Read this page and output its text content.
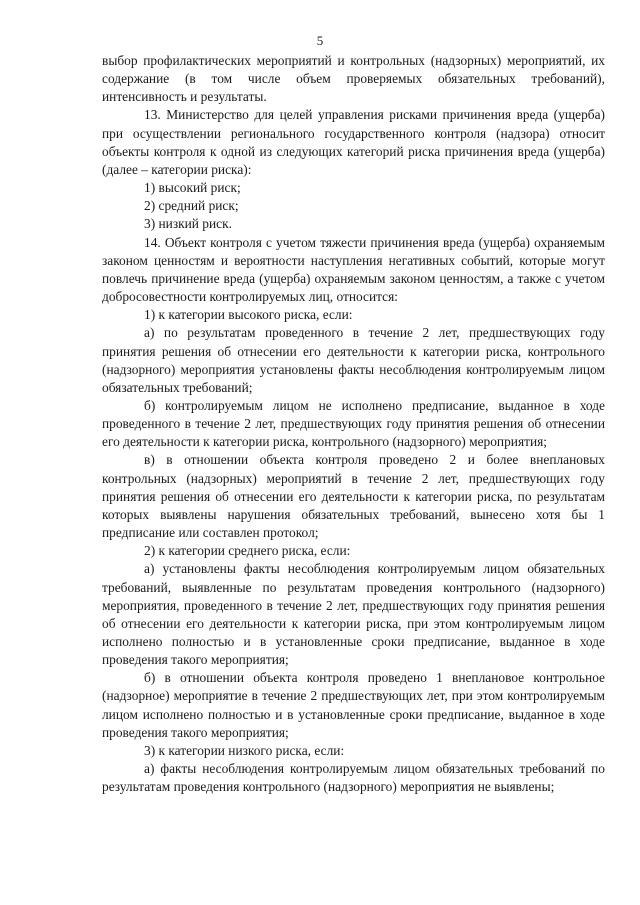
5

выбор профилактических мероприятий и контрольных (надзорных) мероприятий, их содержание (в том числе объем проверяемых обязательных требований), интенсивность и результаты.

13. Министерство для целей управления рисками причинения вреда (ущерба) при осуществлении регионального государственного контроля (надзора) относит объекты контроля к одной из следующих категорий риска причинения вреда (ущерба) (далее – категории риска):

1) высокий риск;

2) средний риск;

3) низкий риск.

14. Объект контроля с учетом тяжести причинения вреда (ущерба) охраняемым законом ценностям и вероятности наступления негативных событий, которые могут повлечь причинение вреда (ущерба) охраняемым законом ценностям, а также с учетом добросовестности контролируемых лиц, относится:

1) к категории высокого риска, если:

а) по результатам проведенного в течение 2 лет, предшествующих году принятия решения об отнесении его деятельности к категории риска, контрольного (надзорного) мероприятия установлены факты несоблюдения контролируемым лицом обязательных требований;

б) контролируемым лицом не исполнено предписание, выданное в ходе проведенного в течение 2 лет, предшествующих году принятия решения об отнесении его деятельности к категории риска, контрольного (надзорного) мероприятия;

в) в отношении объекта контроля проведено 2 и более внеплановых контрольных (надзорных) мероприятий в течение 2 лет, предшествующих году принятия решения об отнесении его деятельности к категории риска, по результатам которых выявлены нарушения обязательных требований, вынесено хотя бы 1 предписание или составлен протокол;

2) к категории среднего риска, если:

а) установлены факты несоблюдения контролируемым лицом обязательных требований, выявленные по результатам проведения контрольного (надзорного) мероприятия, проведенного в течение 2 лет, предшествующих году принятия решения об отнесении его деятельности к категории риска, при этом контролируемым лицом исполнено полностью и в установленные сроки предписание, выданное в ходе проведения такого мероприятия;

б) в отношении объекта контроля проведено 1 внеплановое контрольное (надзорное) мероприятие в течение 2 предшествующих лет, при этом контролируемым лицом исполнено полностью и в установленные сроки предписание, выданное в ходе проведения такого мероприятия;

3) к категории низкого риска, если:

а) факты несоблюдения контролируемым лицом обязательных требований по результатам проведения контрольного (надзорного) мероприятия не выявлены;
